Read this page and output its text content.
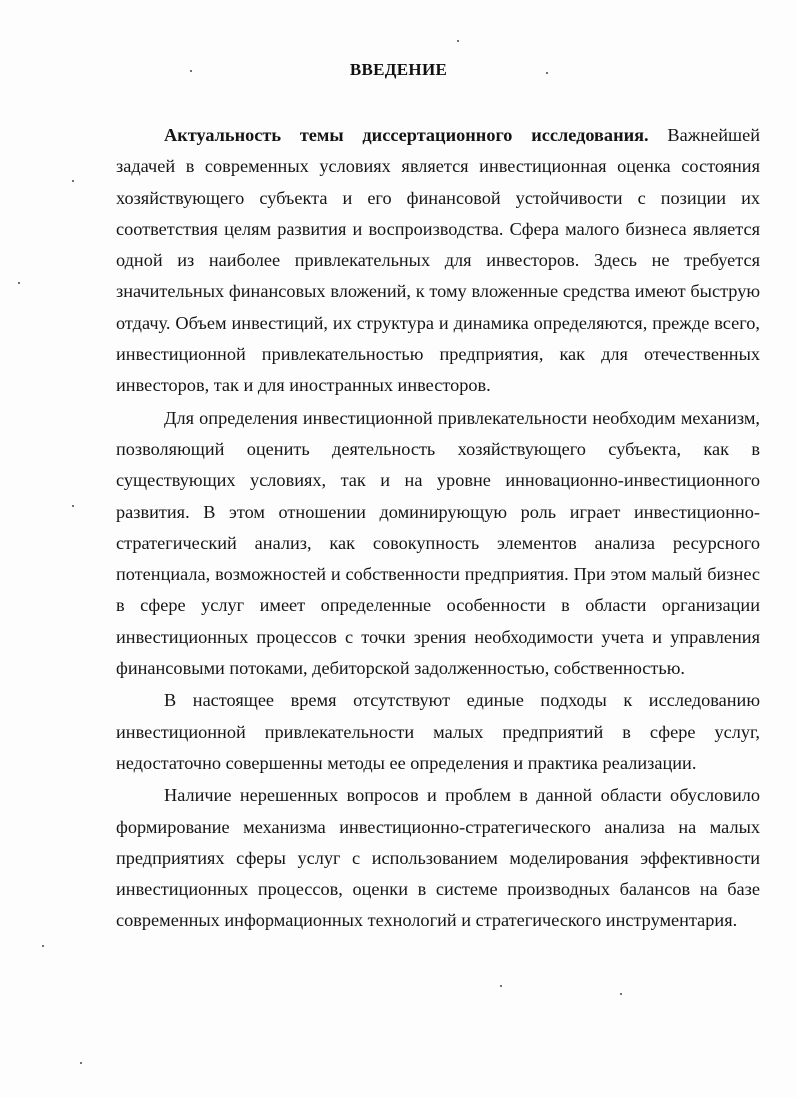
ВВЕДЕНИЕ

Актуальность темы диссертационного исследования. Важнейшей задачей в современных условиях является инвестиционная оценка состояния хозяйствующего субъекта и его финансовой устойчивости с позиции их соответствия целям развития и воспроизводства. Сфера малого бизнеса является одной из наиболее привлекательных для инвесторов. Здесь не требуется значительных финансовых вложений, к тому вложенные средства имеют быструю отдачу. Объем инвестиций, их структура и динамика определяются, прежде всего, инвестиционной привлекательностью предприятия, как для отечественных инвесторов, так и для иностранных инвесторов.

Для определения инвестиционной привлекательности необходим механизм, позволяющий оценить деятельность хозяйствующего субъекта, как в существующих условиях, так и на уровне инновационно-инвестиционного развития. В этом отношении доминирующую роль играет инвестиционно-стратегический анализ, как совокупность элементов анализа ресурсного потенциала, возможностей и собственности предприятия. При этом малый бизнес в сфере услуг имеет определенные особенности в области организации инвестиционных процессов с точки зрения необходимости учета и управления финансовыми потоками, дебиторской задолженностью, собственностью.

В настоящее время отсутствуют единые подходы к исследованию инвестиционной привлекательности малых предприятий в сфере услуг, недостаточно совершенны методы ее определения и практика реализации.

Наличие нерешенных вопросов и проблем в данной области обусловило формирование механизма инвестиционно-стратегического анализа на малых предприятиях сферы услуг с использованием моделирования эффективности инвестиционных процессов, оценки в системе производных балансов на базе современных информационных технологий и стратегического инструментария.
